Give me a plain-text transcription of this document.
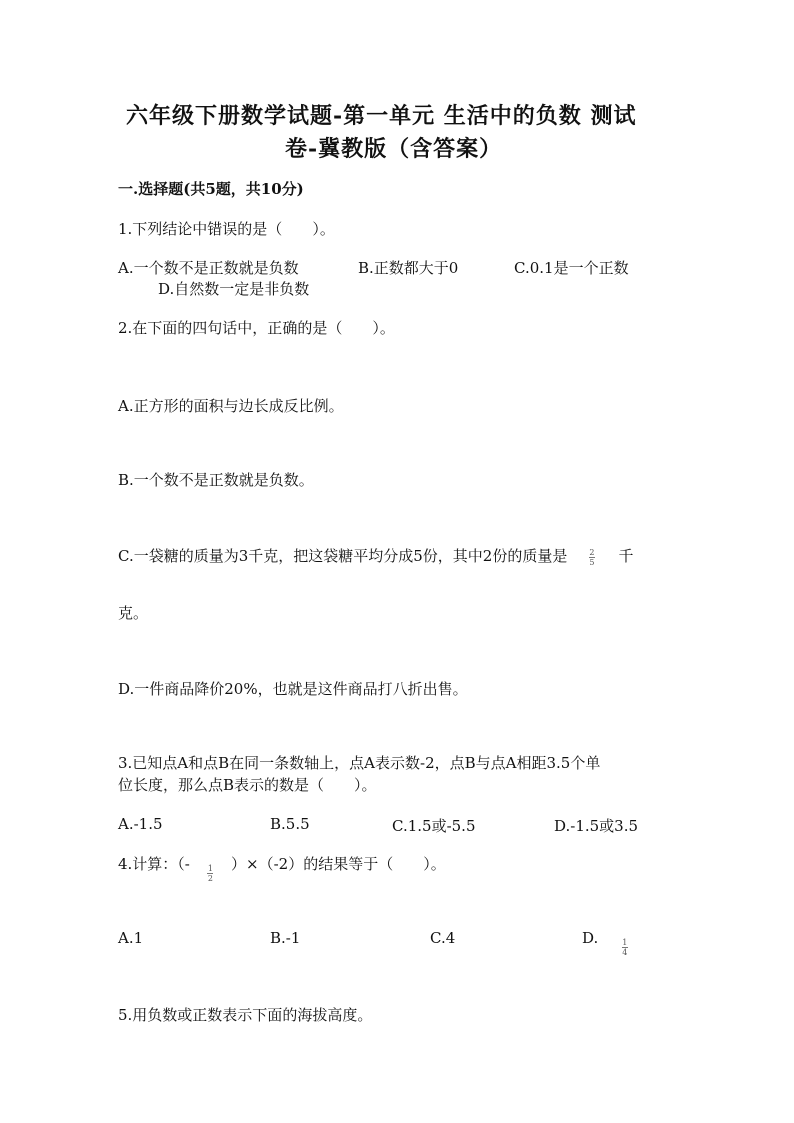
六年级下册数学试题-第一单元 生活中的负数 测试
卷-冀教版（含答案）
一.选择题(共5题，共10分)
1.下列结论中错误的是（　　）。
A.一个数不是正数就是负数	B.正数都大于0	C.0.1是一个正数
D.自然数一定是非负数
2.在下面的四句话中，正确的是（　　）。
A.正方形的面积与边长成反比例。
B.一个数不是正数就是负数。
C.一袋糖的质量为3千克，把这袋糖平均分成5份，其中2份的质量是	$\frac{2}{5}$ 千
克。
D.一件商品降价20%，也就是这件商品打八折出售。
3.已知点A和点B在同一条数轴上，点A表示数-2，点B与点A相距3.5个单
位长度，那么点B表示的数是（　　）。
A.-1.5	B.5.5	C.1.5或-5.5	D.-1.5或3.5
4.计算：（- $\frac{1}{2} )\times(-2)$的结果等于（　　）。
A.1	B.-1	C.4	D.	$\frac{1}{4}$
5.用负数或正数表示下面的海拔高度。
